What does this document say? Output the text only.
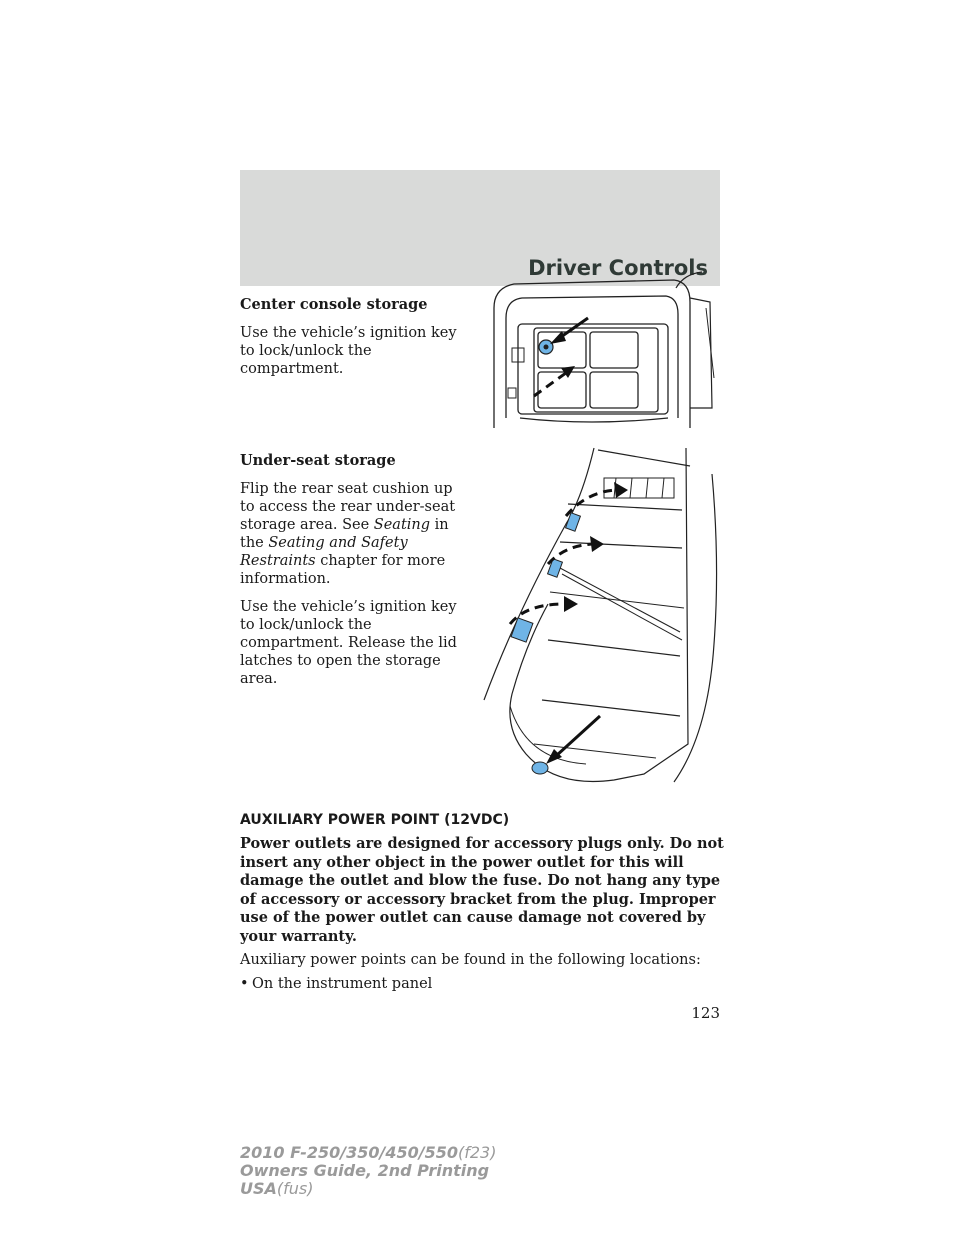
Driver Controls

Center console storage

Use the vehicle’s ignition key to lock/unlock the compartment.

Under-seat storage

Flip the rear seat cushion up to access the rear under-seat storage area. See Seating in the Seating and Safety Restraints chapter for more information.

Use the vehicle’s ignition key to lock/unlock the compartment. Release the lid latches to open the storage area.

AUXILIARY POWER POINT (12VDC)

Power outlets are designed for accessory plugs only. Do not insert any other object in the power outlet for this will damage the outlet and blow the fuse. Do not hang any type of accessory or accessory bracket from the plug. Improper use of the power outlet can cause damage not covered by your warranty.

Auxiliary power points can be found in the following locations:

• On the instrument panel

123
2010 F-250/350/450/550(f23)
Owners Guide, 2nd Printing
USA(fus)
